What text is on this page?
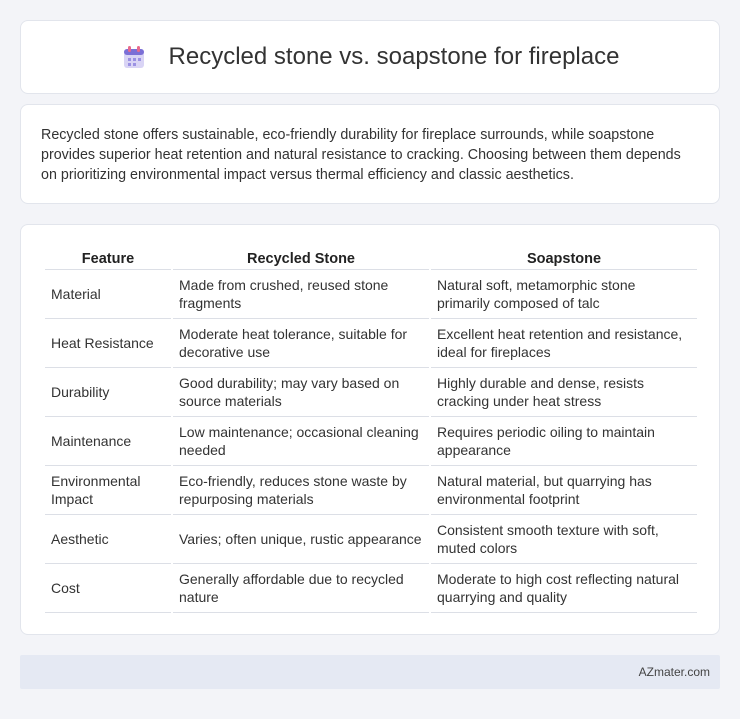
Recycled stone vs. soapstone for fireplace

Recycled stone offers sustainable, eco-friendly durability for fireplace surrounds, while soapstone provides superior heat retention and natural resistance to cracking. Choosing between them depends on prioritizing environmental impact versus thermal efficiency and classic aesthetics.

Feature	Recycled Stone	Soapstone
Material	Made from crushed, reused stone fragments	Natural soft, metamorphic stone primarily composed of talc
Heat Resistance	Moderate heat tolerance, suitable for decorative use	Excellent heat retention and resistance, ideal for fireplaces
Durability	Good durability; may vary based on source materials	Highly durable and dense, resists cracking under heat stress
Maintenance	Low maintenance; occasional cleaning needed	Requires periodic oiling to maintain appearance
Environmental Impact	Eco-friendly, reduces stone waste by repurposing materials	Natural material, but quarrying has environmental footprint
Aesthetic	Varies; often unique, rustic appearance	Consistent smooth texture with soft, muted colors
Cost	Generally affordable due to recycled nature	Moderate to high cost reflecting natural quarrying and quality
AZmater.com
